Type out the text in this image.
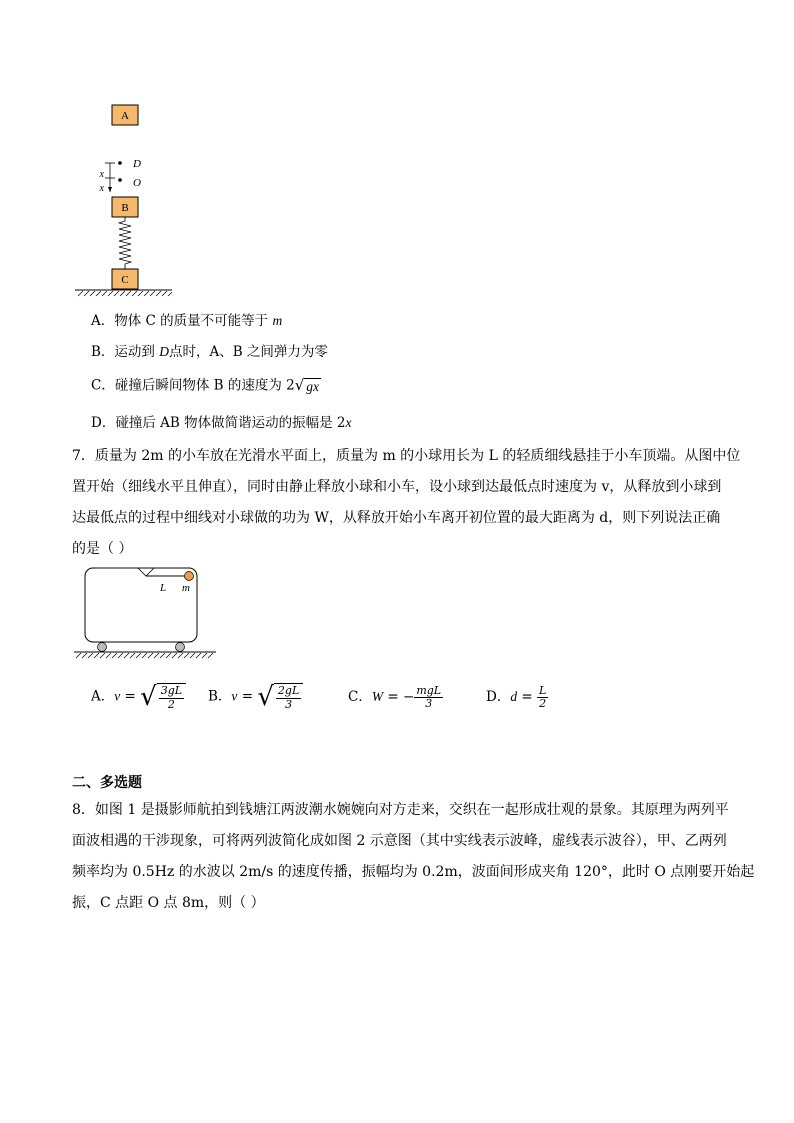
A
x
x
D
O
B
C
A．物体 C 的质量不可能等于 m
B．运动到 D点时，A、B 之间弹力为零
C．碰撞后瞬间物体 B 的速度为 2 √ gx
D．碰撞后 AB 物体做简谐运动的振幅是 2x
7．质量为 2m 的小车放在光滑水平面上，质量为 m 的小球用长为 L 的轻质细线悬挂于小车顶端。从图中位
置开始（细线水平且伸直），同时由静止释放小球和小车，设小球到达最低点时速度为 v，从释放到小球到
达最低点的过程中细线对小球做的功为 W，从释放开始小车离开初位置的最大距离为 d，则下列说法正确
的是（ ）
L m
A．v = √ $\frac{3gL}{2}$ B．v = √ $\frac{2gL}{3}$	C．W = − $\frac{\text{mgL}}{3}$	D．$d = \frac{L}{2}$
二、多选题
8．如图 1 是摄影师航拍到钱塘江两波潮水婉婉向对方走来，交织在一起形成壮观的景象。其原理为两列平
面波相遇的干涉现象，可将两列波简化成如图 2 示意图（其中实线表示波峰，虚线表示波谷），甲、乙两列
频率均为 0.5Hz 的水波以 2m/s 的速度传播，振幅均为 0.2m，波面间形成夹角 120°，此时 O 点刚要开始起
振，C 点距 O 点 8m，则（ ）
